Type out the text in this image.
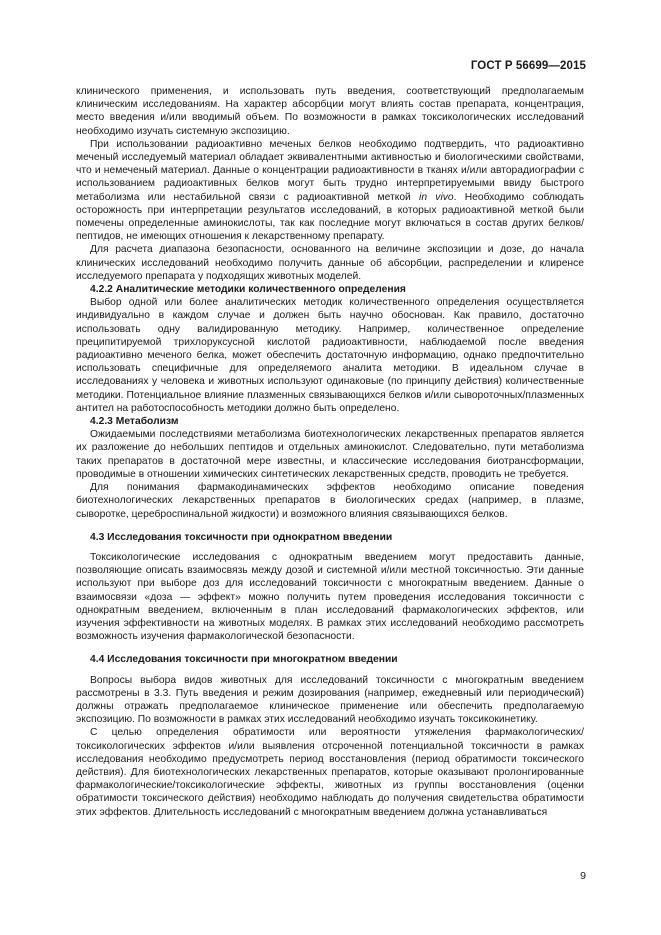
ГОСТ Р 56699—2015

клинического применения, и использовать путь введения, соответствующий предполагаемым клиническим исследованиям. На характер абсорбции могут влиять состав препарата, концентрация, место введения и/или вводимый объем. По возможности в рамках токсикологических исследований необходимо изучать системную экспозицию.

При использовании радиоактивно меченых белков необходимо подтвердить, что радиоактивно меченый исследуемый материал обладает эквивалентными активностью и биологическими свойствами, что и немеченый материал. Данные о концентрации радиоактивности в тканях и/или авторадиографии с использованием радиоактивных белков могут быть трудно интерпретируемыми ввиду быстрого метаболизма или нестабильной связи с радиоактивной меткой in vivo. Необходимо соблюдать осторожность при интерпретации результатов исследований, в которых радиоактивной меткой были помечены определенные аминокислоты, так как последние могут включаться в состав других белков/пептидов, не имеющих отношения к лекарственному препарату.

Для расчета диапазона безопасности, основанного на величине экспозиции и дозе, до начала клинических исследований необходимо получить данные об абсорбции, распределении и клиренсе исследуемого препарата у подходящих животных моделей.

4.2.2 Аналитические методики количественного определения

Выбор одной или более аналитических методик количественного определения осуществляется индивидуально в каждом случае и должен быть научно обоснован. Как правило, достаточно использовать одну валидированную методику. Например, количественное определение преципитируемой трихлоруксусной кислотой радиоактивности, наблюдаемой после введения радиоактивно меченого белка, может обеспечить достаточную информацию, однако предпочтительно использовать специфичные для определяемого аналита методики. В идеальном случае в исследованиях у человека и животных используют одинаковые (по принципу действия) количественные методики. Потенциальное влияние плазменных связывающихся белков и/или сывороточных/плазменных антител на работоспособность методики должно быть определено.

4.2.3 Метаболизм

Ожидаемыми последствиями метаболизма биотехнологических лекарственных препаратов является их разложение до небольших пептидов и отдельных аминокислот. Следовательно, пути метаболизма таких препаратов в достаточной мере известны, и классические исследования биотрансформации, проводимые в отношении химических синтетических лекарственных средств, проводить не требуется.

Для понимания фармакодинамических эффектов необходимо описание поведения биотехнологических лекарственных препаратов в биологических средах (например, в плазме, сыворотке, цереброспинальной жидкости) и возможного влияния связывающихся белков.

4.3 Исследования токсичности при однократном введении

Токсикологические исследования с однократным введением могут предоставить данные, позволяющие описать взаимосвязь между дозой и системной и/или местной токсичностью. Эти данные используют при выборе доз для исследований токсичности с многократным введением. Данные о взаимосвязи «доза — эффект» можно получить путем проведения исследования токсичности с однократным введением, включенным в план исследований фармакологических эффектов, или изучения эффективности на животных моделях. В рамках этих исследований необходимо рассмотреть возможность изучения фармакологической безопасности.

4.4 Исследования токсичности при многократном введении

Вопросы выбора видов животных для исследований токсичности с многократным введением рассмотрены в 3.3. Путь введения и режим дозирования (например, ежедневный или периодический) должны отражать предполагаемое клиническое применение или обеспечить предполагаемую экспозицию. По возможности в рамках этих исследований необходимо изучать токсикокинетику.

С целью определения обратимости или вероятности утяжеления фармакологических/токсикологических эффектов и/или выявления отсроченной потенциальной токсичности в рамках исследования необходимо предусмотреть период восстановления (период обратимости токсического действия). Для биотехнологических лекарственных препаратов, которые оказывают пролонгированные фармакологические/токсикологические эффекты, животных из группы восстановления (оценки обратимости токсического действия) необходимо наблюдать до получения свидетельства обратимости этих эффектов. Длительность исследований с многократным введением должна устанавливаться

9
